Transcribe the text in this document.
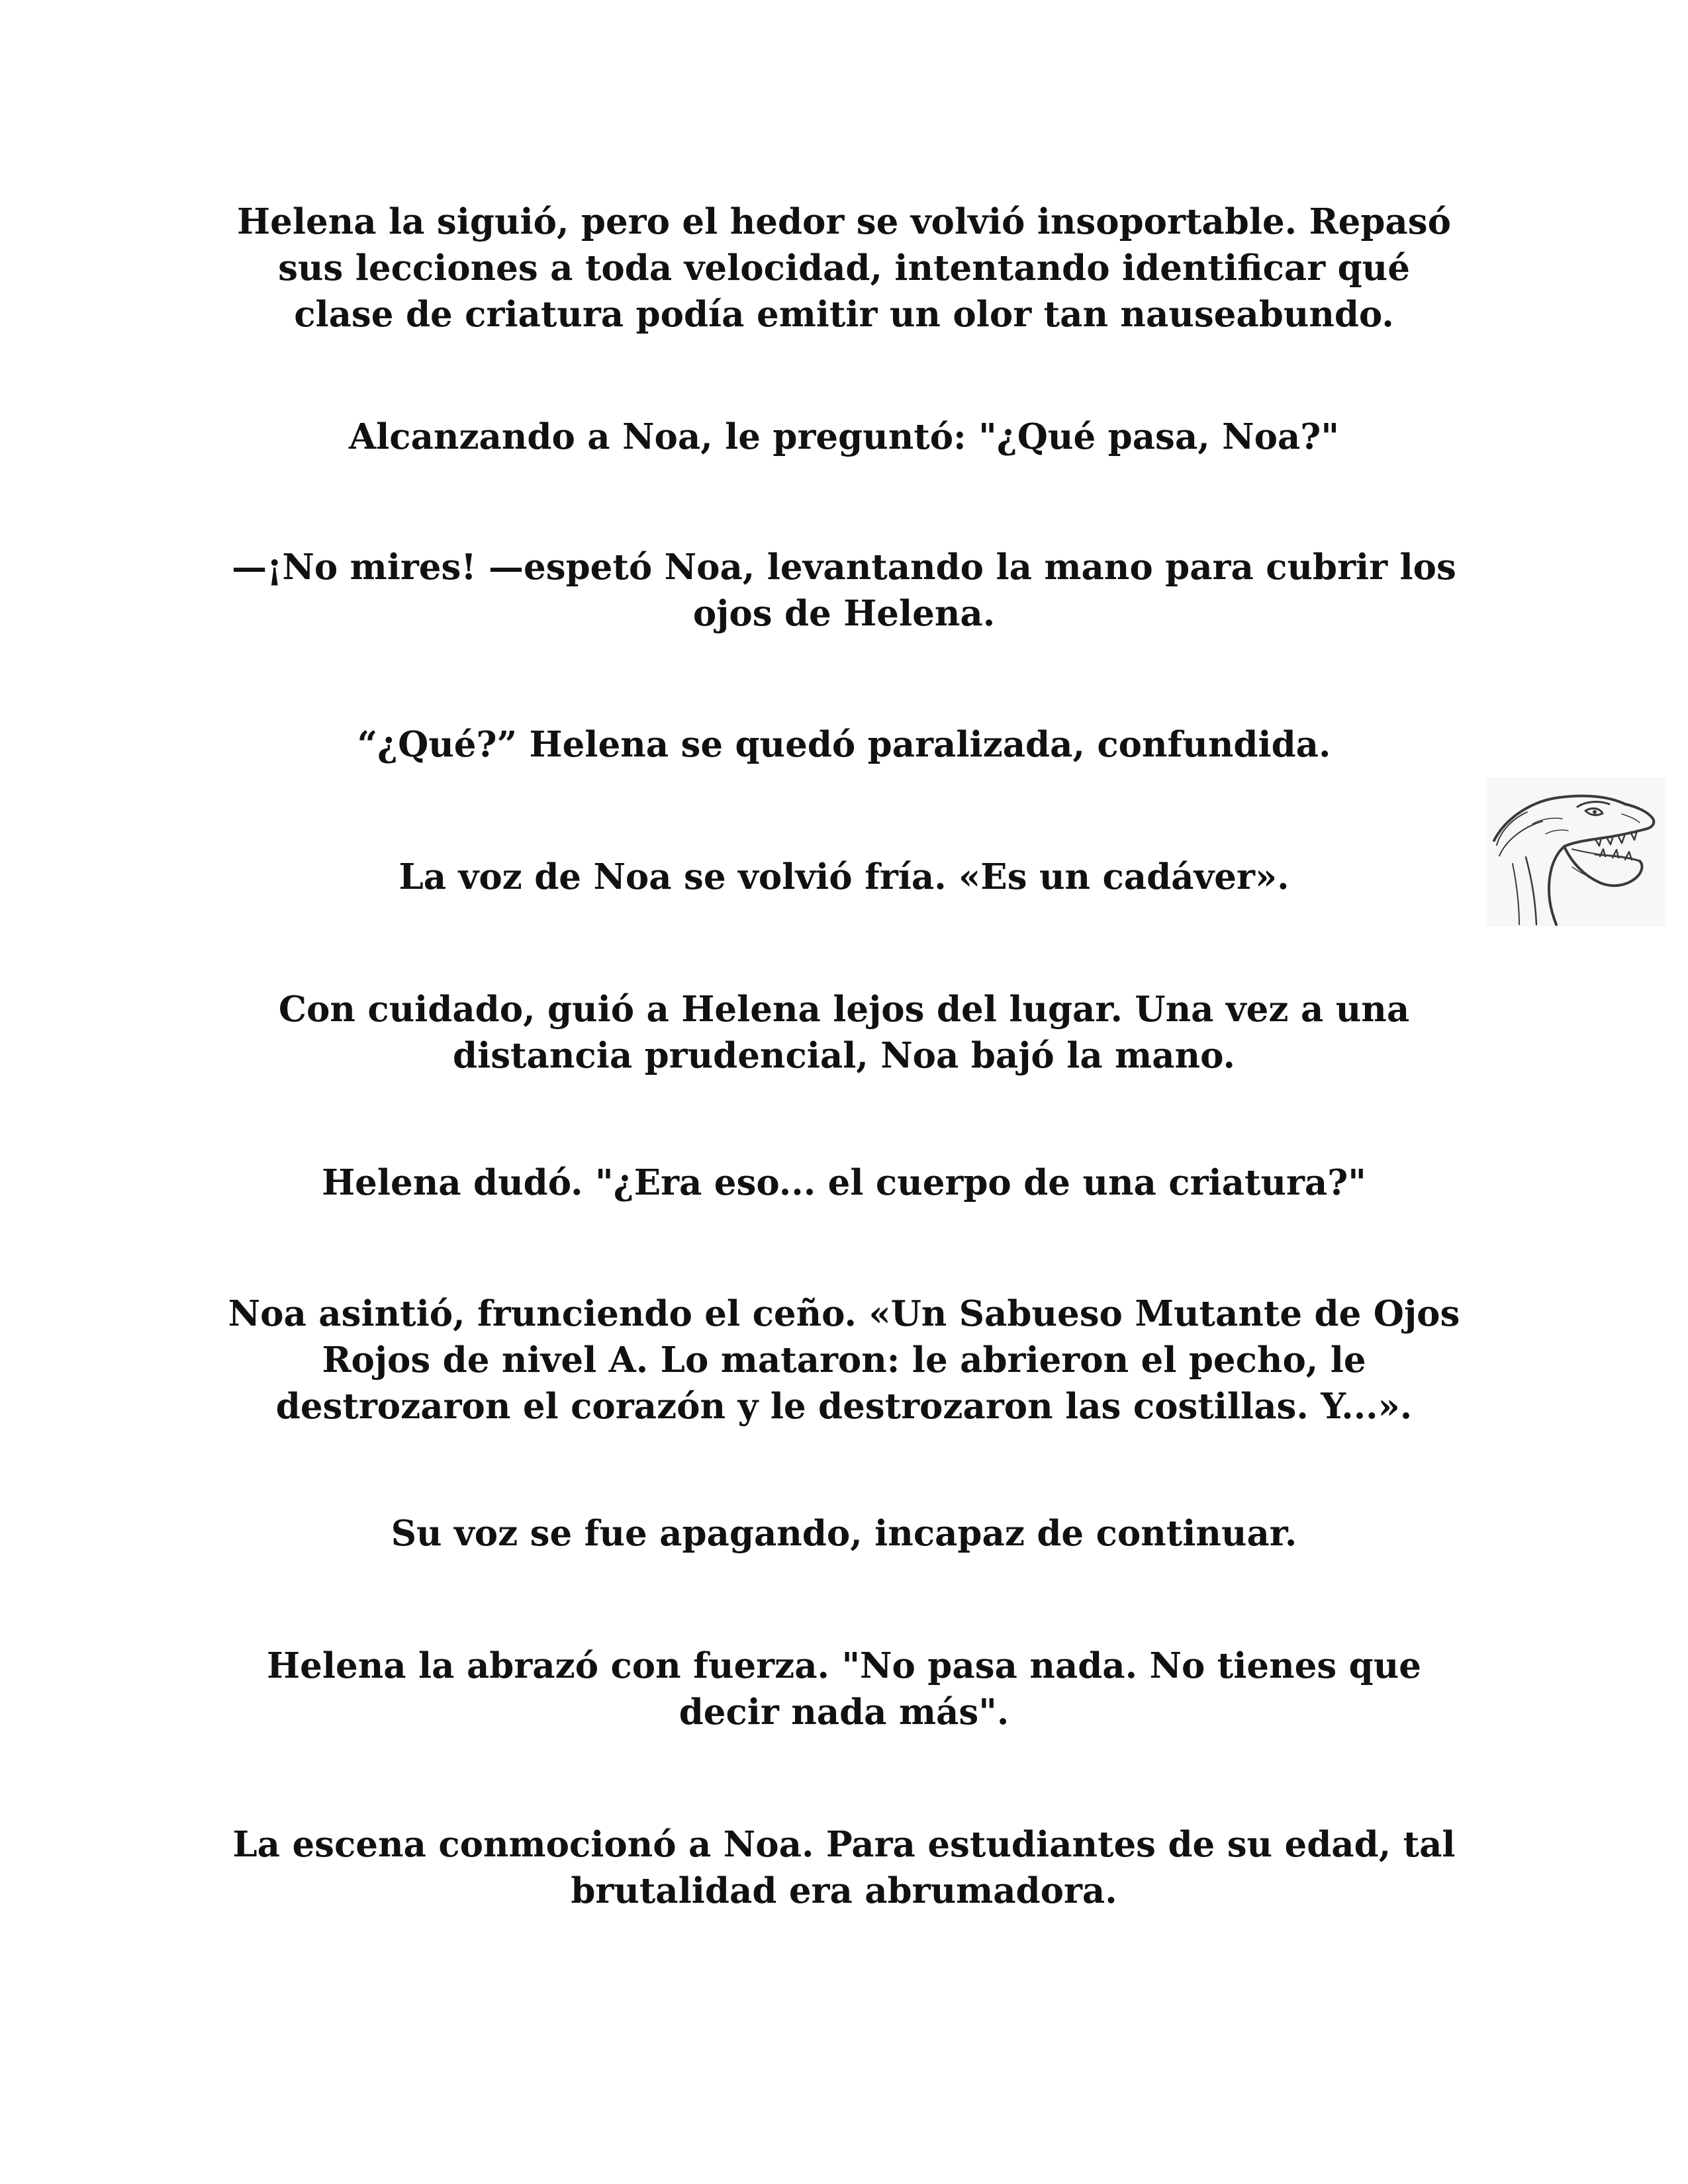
Helena la siguió, pero el hedor se volvió insoportable. Repasó
sus lecciones a toda velocidad, intentando identificar qué
clase de criatura podía emitir un olor tan nauseabundo.

Alcanzando a Noa, le preguntó: "¿Qué pasa, Noa?"

—¡No mires! —espetó Noa, levantando la mano para cubrir los
ojos de Helena.

“¿Qué?” Helena se quedó paralizada, confundida.

La voz de Noa se volvió fría. «Es un cadáver».

Con cuidado, guió a Helena lejos del lugar. Una vez a una
distancia prudencial, Noa bajó la mano.

Helena dudó. "¿Era eso... el cuerpo de una criatura?"

Noa asintió, frunciendo el ceño. «Un Sabueso Mutante de Ojos
Rojos de nivel A. Lo mataron: le abrieron el pecho, le
destrozaron el corazón y le destrozaron las costillas. Y...».

Su voz se fue apagando, incapaz de continuar.

Helena la abrazó con fuerza. "No pasa nada. No tienes que
decir nada más".

La escena conmocionó a Noa. Para estudiantes de su edad, tal
brutalidad era abrumadora.
